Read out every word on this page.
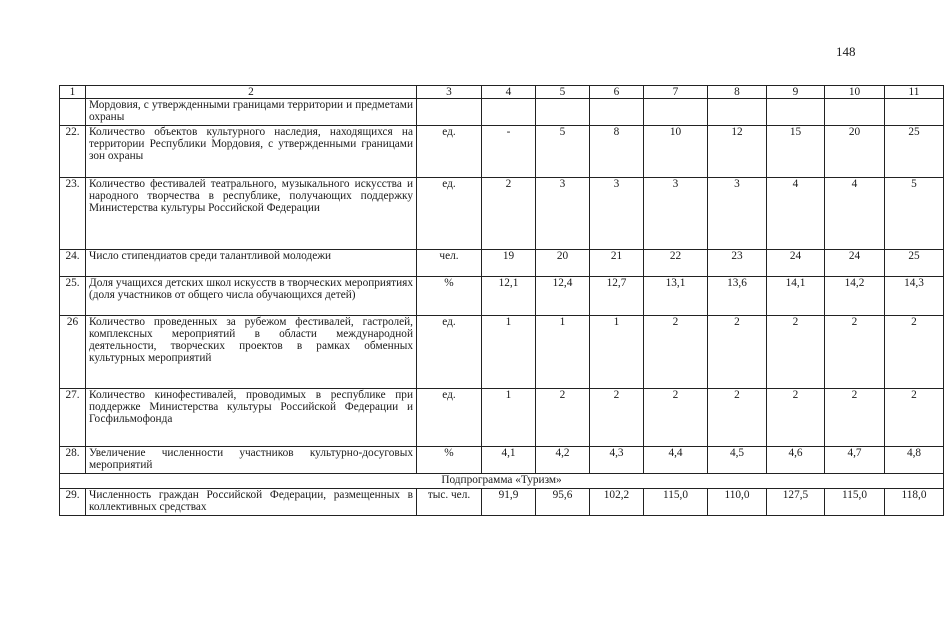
148
1	2	3	4	5	6	7	8	9	10	11
	Мордовия, с утвержденными границами территории и предметами охраны									
22.	Количество объектов культурного наследия, находящихся на территории Республики Мордовия, с утвержденными границами зон охраны	ед.	-	5	8	10	12	15	20	25
23.	Количество фестивалей театрального, музыкального искусства и народного творчества в республике, получающих поддержку Министерства культуры Российской Федерации	ед.	2	3	3	3	3	4	4	5
24.	Число стипендиатов среди талантливой молодежи	чел.	19	20	21	22	23	24	24	25
25.	Доля учащихся детских школ искусств в творческих мероприятиях (доля участников от общего числа обучающихся детей)	%	12,1	12,4	12,7	13,1	13,6	14,1	14,2	14,3
26	Количество проведенных за рубежом фестивалей, гастролей, комплексных мероприятий в области международной деятельности, творческих проектов в рамках обменных культурных мероприятий	ед.	1	1	1	2	2	2	2	2
27.	Количество кинофестивалей, проводимых в республике при поддержке Министерства культуры Российской Федерации и Госфильмофонда	ед.	1	2	2	2	2	2	2	2
28.	Увеличение численности участников культурно-досуговых мероприятий	%	4,1	4,2	4,3	4,4	4,5	4,6	4,7	4,8
Подпрограмма «Туризм»										
29.	Численность граждан Российской Федерации, размещенных в коллективных средствах	тыс. чел.	91,9	95,6	102,2	115,0	110,0	127,5	115,0	118,0
